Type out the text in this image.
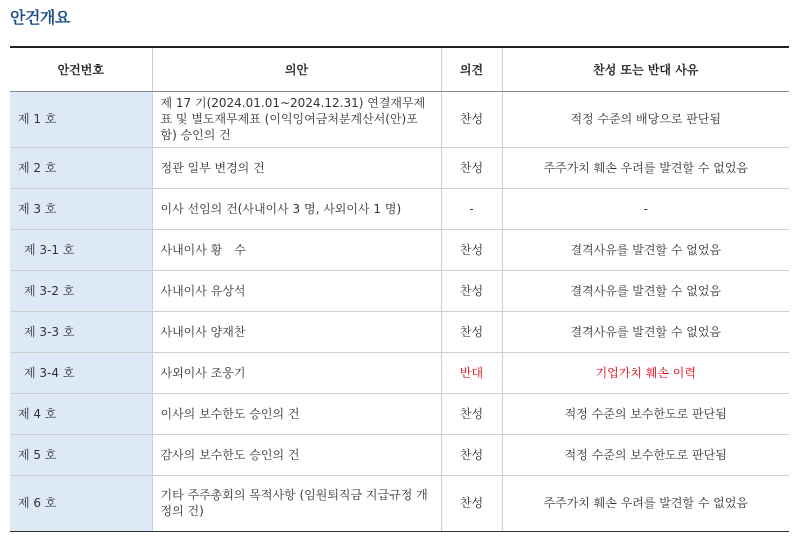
안건개요
안건번호	의안	의견	찬성 또는 반대 사유
제 1 호	제 17 기(2024.01.01~2024.12.31) 연결재무제표 및 별도재무제표 (이익잉여금처분계산서(안)포함) 승인의 건	찬성	적정 수준의 배당으로 판단됨
제 2 호	정관 일부 변경의 건	찬성	주주가치 훼손 우려를 발견할 수 없었음
제 3 호	이사 선임의 건(사내이사 3 명, 사외이사 1 명)	-	-
제 3-1 호	사내이사 황　수	찬성	결격사유를 발견할 수 없었음
제 3-2 호	사내이사 유상석	찬성	결격사유를 발견할 수 없었음
제 3-3 호	사내이사 양재찬	찬성	결격사유를 발견할 수 없었음
제 3-4 호	사외이사 조웅기	반대	기업가치 훼손 이력
제 4 호	이사의 보수한도 승인의 건	찬성	적정 수준의 보수한도로 판단됨
제 5 호	감사의 보수한도 승인의 건	찬성	적정 수준의 보수한도로 판단됨
제 6 호	기타 주주총회의 목적사항 (임원퇴직금 지급규정 개정의 건)	찬성	주주가치 훼손 우려를 발견할 수 없었음
